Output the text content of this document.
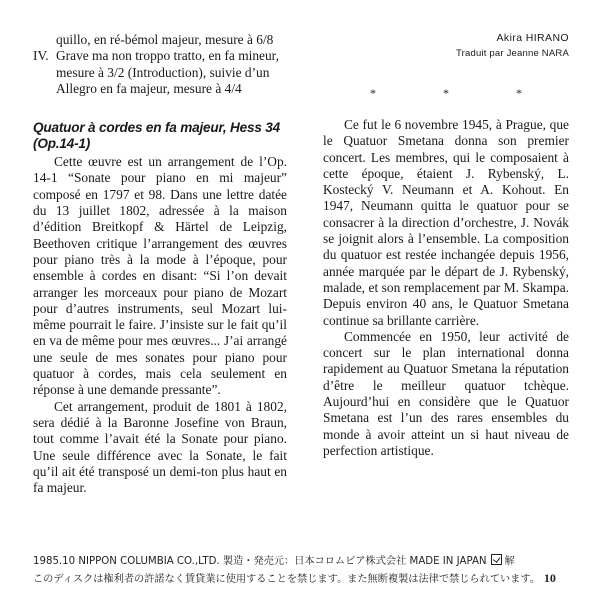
quillo, en ré-bémol majeur, mesure à 6/8
IV. Grave ma non troppo tratto, en fa mineur, mesure à 3/2 (Introduction), suivie d’un Allegro en fa majeur, mesure à 4/4
Quatuor à cordes en fa majeur, Hess 34 (Op.14-1)

Cette œuvre est un arrangement de l’Op. 14-1 “Sonate pour piano en mi majeur” composé en 1797 et 98. Dans une lettre datée du 13 juillet 1802, adressée à la maison d’édition Breitkopf & Härtel de Leipzig, Beethoven critique l’arrangement des œuvres pour piano très à la mode à l’époque, pour ensemble à cordes en disant: “Si l’on devait arranger les morceaux pour piano de Mozart pour d’autres instruments, seul Mozart lui-même pourrait le faire. J’insiste sur le fait qu’il en va de même pour mes œuvres... J’ai arrangé une seule de mes sonates pour piano pour quatuor à cordes, mais cela seulement en réponse à une demande pressante”.

Cet arrangement, produit de 1801 à 1802, sera dédié à la Baronne Josefine von Braun, tout comme l’avait été la Sonate pour piano. Une seule différence avec la Sonate, le fait qu’il ait été transposé un demi-ton plus haut en fa majeur.

Akira HIRANO
Traduit par Jeanne NARA
* * *

Ce fut le 6 novembre 1945, à Prague, que le Quatuor Smetana donna son premier concert. Les membres, qui le composaient à cette époque, étaient J. Rybenský, L. Kostecký V. Neumann et A. Kohout. En 1947, Neumann quitta le quatuor pour se consacrer à la direction d’orchestre, J. Novák se joignit alors à l’ensemble. La composition du quatuor est restée inchangée depuis 1956, année marquée par le départ de J. Rybenský, malade, et son remplacement par M. Skampa. Depuis environ 40 ans, le Quatuor Smetana continue sa brillante carrière.

Commencée en 1950, leur activité de concert sur le plan international donna rapidement au Quatuor Smetana la réputation d’être le meilleur quatuor tchèque. Aujourd’hui en considère que le Quatuor Smetana est l’un des rares ensembles du monde à avoir atteint un si haut niveau de perfection artistique.

1985.10 NIPPON COLUMBIA CO.,LTD. 製造・発売元：日本コロムビア株式会社 MADE IN JAPAN 解
このディスクは権利者の許諾なく賃貸業に使用することを禁じます。また無断複製は法律で禁じられています。 10
